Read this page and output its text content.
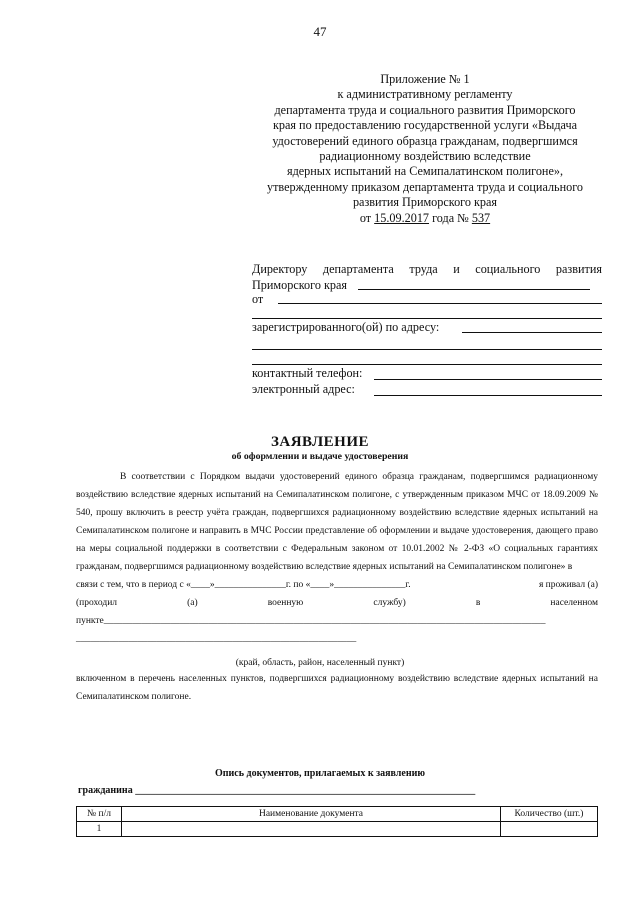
47
Приложение № 1
к административному регламенту
департамента труда и социального развития Приморского
края по предоставлению государственной услуги «Выдача
удостоверений единого образца гражданам, подвергшимся
радиационному воздействию вследствие
ядерных испытаний на Семипалатинском полигоне»,
утвержденному приказом департамента труда и социального
развития Приморского края
от 15.09.2017 года № 537
Директору департамента труда и социального развития
Приморского края
от
зарегистрированного(ой) по адресу:
контактный телефон:
электронный адрес:
ЗАЯВЛЕНИЕ
об оформлении и выдаче удостоверения
В соответствии с Порядком выдачи удостоверений единого образца гражданам, подвергшимся радиационному воздействию вследствие ядерных испытаний на Семипалатинском полигоне, с утвержденным приказом МЧС от 18.09.2009 № 540, прошу включить в реестр учёта граждан, подвергшихся радиационному воздействию вследствие ядерных испытаний на Семипалатинском полигоне и направить в МЧС России представление об оформлении и выдаче удостоверения, дающего право на меры социальной поддержки в соответствии с Федеральным законом от 10.01.2002 № 2-ФЗ «О социальных гарантиях гражданам, подвергшимся радиационному воздействию вследствие ядерных испытаний на Семипалатинском полигоне» в
связи с тем, что в период с «____»_______________г. по «____»_______________г.	я проживал (а)
(проходил	(а)	военную	службу)	в	населенном
пункте_____________________________________________________________________________________________
___________________________________________________________
(край, область, район, населенный пункт)
включенном в перечень населенных пунктов, подвергшихся радиационному воздействию вследствие ядерных испытаний на Семипалатинском полигоне.
Опись документов, прилагаемых к заявлению
гражданина ____________________________________________________________________
№ п/л	Наименование документа	Количество (шт.)
1		
